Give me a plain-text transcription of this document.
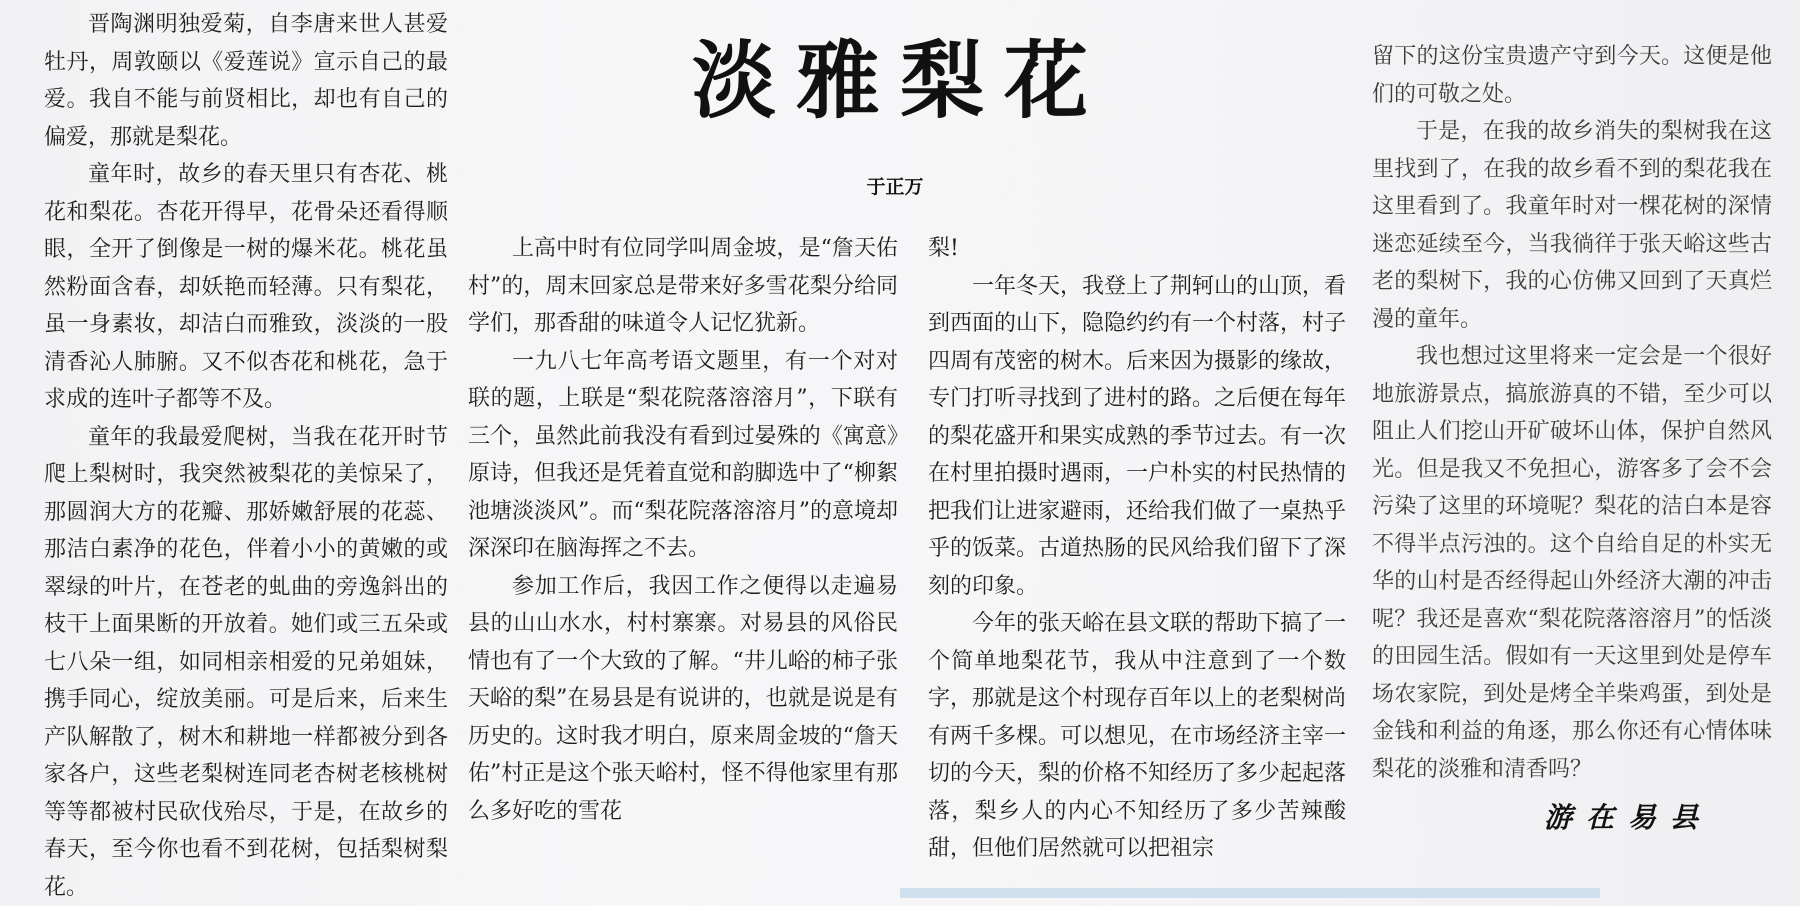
淡雅梨花
于正万

晋陶渊明独爱菊，自李唐来世人甚爱牡丹，周敦颐以《爱莲说》宣示自己的最爱。我自不能与前贤相比，却也有自己的偏爱，那就是梨花。

童年时，故乡的春天里只有杏花、桃花和梨花。杏花开得早，花骨朵还看得顺眼，全开了倒像是一树的爆米花。桃花虽然粉面含春，却妖艳而轻薄。只有梨花，虽一身素妆，却洁白而雅致，淡淡的一股清香沁人肺腑。又不似杏花和桃花，急于求成的连叶子都等不及。

童年的我最爱爬树，当我在花开时节爬上梨树时，我突然被梨花的美惊呆了，那圆润大方的花瓣、那娇嫩舒展的花蕊、那洁白素净的花色，伴着小小的黄嫩的或翠绿的叶片，在苍老的虬曲的旁逸斜出的枝干上面果断的开放着。她们或三五朵或七八朵一组，如同相亲相爱的兄弟姐妹，携手同心，绽放美丽。可是后来，后来生产队解散了，树木和耕地一样都被分到各家各户，这些老梨树连同老杏树老核桃树等等都被村民砍伐殆尽，于是，在故乡的春天，至今你也看不到花树，包括梨树梨花。

上高中时有位同学叫周金坡，是“詹天佑村”的，周末回家总是带来好多雪花梨分给同学们，那香甜的味道令人记忆犹新。

一九八七年高考语文题里，有一个对对联的题，上联是“梨花院落溶溶月”，下联有三个，虽然此前我没有看到过晏殊的《寓意》原诗，但我还是凭着直觉和韵脚选中了“柳絮池塘淡淡风”。而“梨花院落溶溶月”的意境却深深印在脑海挥之不去。

参加工作后，我因工作之便得以走遍易县的山山水水，村村寨寨。对易县的风俗民情也有了一个大致的了解。“井儿峪的柿子张天峪的梨”在易县是有说讲的，也就是说是有历史的。这时我才明白，原来周金坡的“詹天佑”村正是这个张天峪村，怪不得他家里有那么多好吃的雪花

梨!

一年冬天，我登上了荆轲山的山顶，看到西面的山下，隐隐约约有一个村落，村子四周有茂密的树木。后来因为摄影的缘故，专门打听寻找到了进村的路。之后便在每年的梨花盛开和果实成熟的季节过去。有一次在村里拍摄时遇雨，一户朴实的村民热情的把我们让进家避雨，还给我们做了一桌热乎乎的饭菜。古道热肠的民风给我们留下了深刻的印象。

今年的张天峪在县文联的帮助下搞了一个简单地梨花节，我从中注意到了一个数字，那就是这个村现存百年以上的老梨树尚有两千多棵。可以想见，在市场经济主宰一切的今天，梨的价格不知经历了多少起起落落，梨乡人的内心不知经历了多少苦辣酸甜，但他们居然就可以把祖宗

留下的这份宝贵遗产守到今天。这便是他们的可敬之处。

于是，在我的故乡消失的梨树我在这里找到了，在我的故乡看不到的梨花我在这里看到了。我童年时对一棵花树的深情迷恋延续至今，当我徜徉于张天峪这些古老的梨树下，我的心仿佛又回到了天真烂漫的童年。

我也想过这里将来一定会是一个很好地旅游景点，搞旅游真的不错，至少可以阻止人们挖山开矿破坏山体，保护自然风光。但是我又不免担心，游客多了会不会污染了这里的环境呢？梨花的洁白本是容不得半点污浊的。这个自给自足的朴实无华的山村是否经得起山外经济大潮的冲击呢？我还是喜欢“梨花院落溶溶月”的恬淡的田园生活。假如有一天这里到处是停车场农家院，到处是烤全羊柴鸡蛋，到处是金钱和利益的角逐，那么你还有心情体味梨花的淡雅和清香吗？

游在易县
